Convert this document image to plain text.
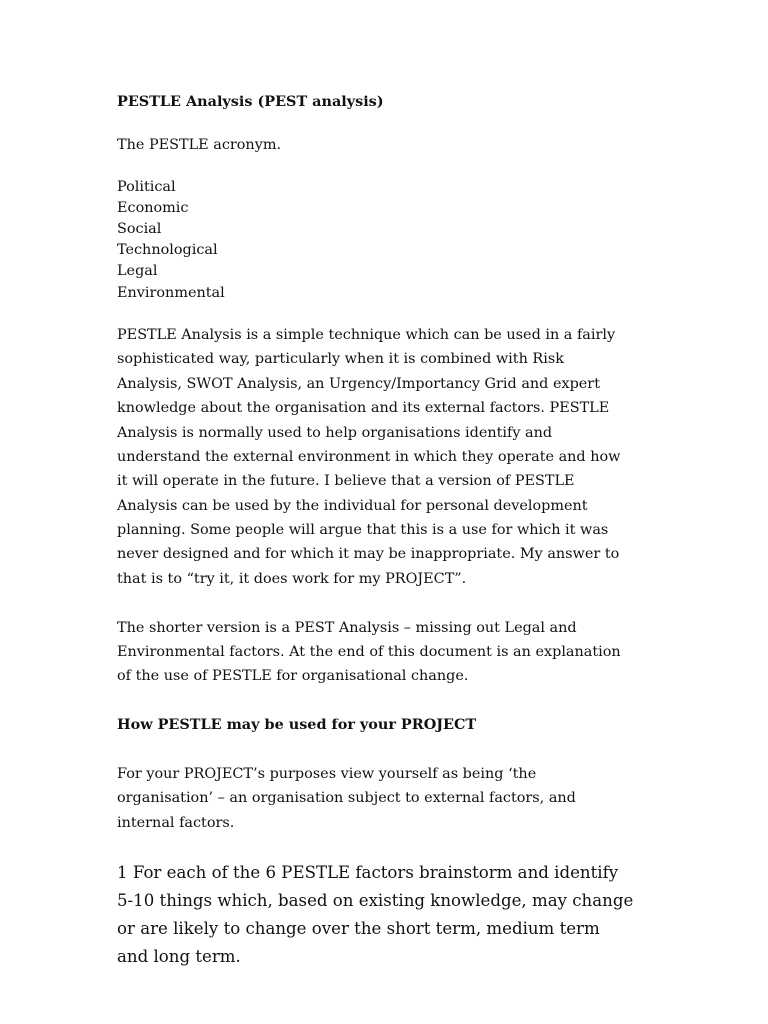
PESTLE Analysis (PEST analysis)
The PESTLE acronym.
Political
Economic
Social
Technological
Legal
Environmental
PESTLE Analysis is a simple technique which can be used in a fairly
sophisticated way, particularly when it is combined with Risk
Analysis, SWOT Analysis, an Urgency/Importancy Grid and expert
knowledge about the organisation and its external factors. PESTLE
Analysis is normally used to help organisations identify and
understand the external environment in which they operate and how
it will operate in the future. I believe that a version of PESTLE
Analysis can be used by the individual for personal development
planning. Some people will argue that this is a use for which it was
never designed and for which it may be inappropriate. My answer to
that is to “try it, it does work for my PROJECT”.
The shorter version is a PEST Analysis – missing out Legal and
Environmental factors. At the end of this document is an explanation
of the use of PESTLE for organisational change.
How PESTLE may be used for your PROJECT
For your PROJECT’s purposes view yourself as being ‘the
organisation’ – an organisation subject to external factors, and
internal factors.
1 For each of the 6 PESTLE factors brainstorm and identify
5-10 things which, based on existing knowledge, may change
or are likely to change over the short term, medium term
and long term.
